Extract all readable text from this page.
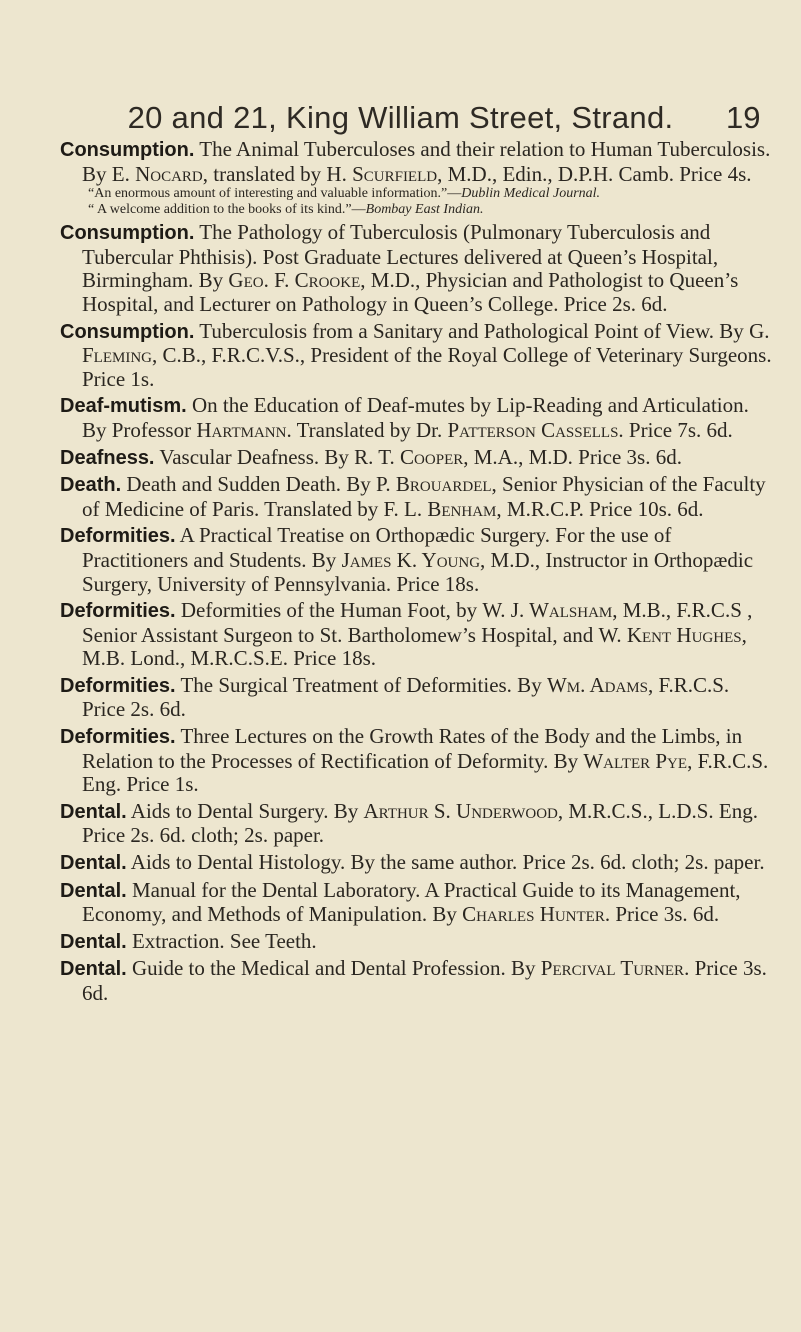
20 and 21, King William Street, Strand. 19
Consumption. The Animal Tuberculoses and their relation to Human Tuberculosis. By E. Nocard, translated by H. Scurfield, M.D., Edin., D.P.H. Camb. Price 4s.
“An enormous amount of interesting and valuable information.”—Dublin Medical Journal.
“ A welcome addition to the books of its kind.”—Bombay East Indian.
Consumption. The Pathology of Tuberculosis (Pulmonary Tuberculosis and Tubercular Phthisis). Post Graduate Lectures delivered at Queen’s Hospital, Birmingham. By Geo. F. Crooke, M.D., Physician and Pathologist to Queen’s Hospital, and Lecturer on Pathology in Queen’s College. Price 2s. 6d.
Consumption. Tuberculosis from a Sanitary and Pathological Point of View. By G. Fleming, C.B., F.R.C.V.S., President of the Royal College of Veterinary Surgeons. Price 1s.
Deaf-mutism. On the Education of Deaf-mutes by Lip-Reading and Articulation. By Professor Hartmann. Translated by Dr. Patterson Cassells. Price 7s. 6d.
Deafness. Vascular Deafness. By R. T. Cooper, M.A., M.D. Price 3s. 6d.
Death. Death and Sudden Death. By P. Brouardel, Senior Physician of the Faculty of Medicine of Paris. Translated by F. L. Benham, M.R.C.P. Price 10s. 6d.
Deformities. A Practical Treatise on Orthopædic Surgery. For the use of Practitioners and Students. By James K. Young, M.D., Instructor in Orthopædic Surgery, University of Pennsylvania. Price 18s.
Deformities. Deformities of the Human Foot, by W. J. Walsham, M.B., F.R.C.S , Senior Assistant Surgeon to St. Bartholomew’s Hospital, and W. Kent Hughes, M.B. Lond., M.R.C.S.E. Price 18s.
Deformities. The Surgical Treatment of Deformities. By Wm. Adams, F.R.C.S. Price 2s. 6d.
Deformities. Three Lectures on the Growth Rates of the Body and the Limbs, in Relation to the Processes of Rectification of Deformity. By Walter Pye, F.R.C.S. Eng. Price 1s.
Dental. Aids to Dental Surgery. By Arthur S. Underwood, M.R.C.S., L.D.S. Eng. Price 2s. 6d. cloth; 2s. paper.
Dental. Aids to Dental Histology. By the same author. Price 2s. 6d. cloth; 2s. paper.
Dental. Manual for the Dental Laboratory. A Practical Guide to its Management, Economy, and Methods of Manipulation. By Charles Hunter. Price 3s. 6d.
Dental. Extraction. See Teeth.
Dental. Guide to the Medical and Dental Profession. By Percival Turner. Price 3s. 6d.
